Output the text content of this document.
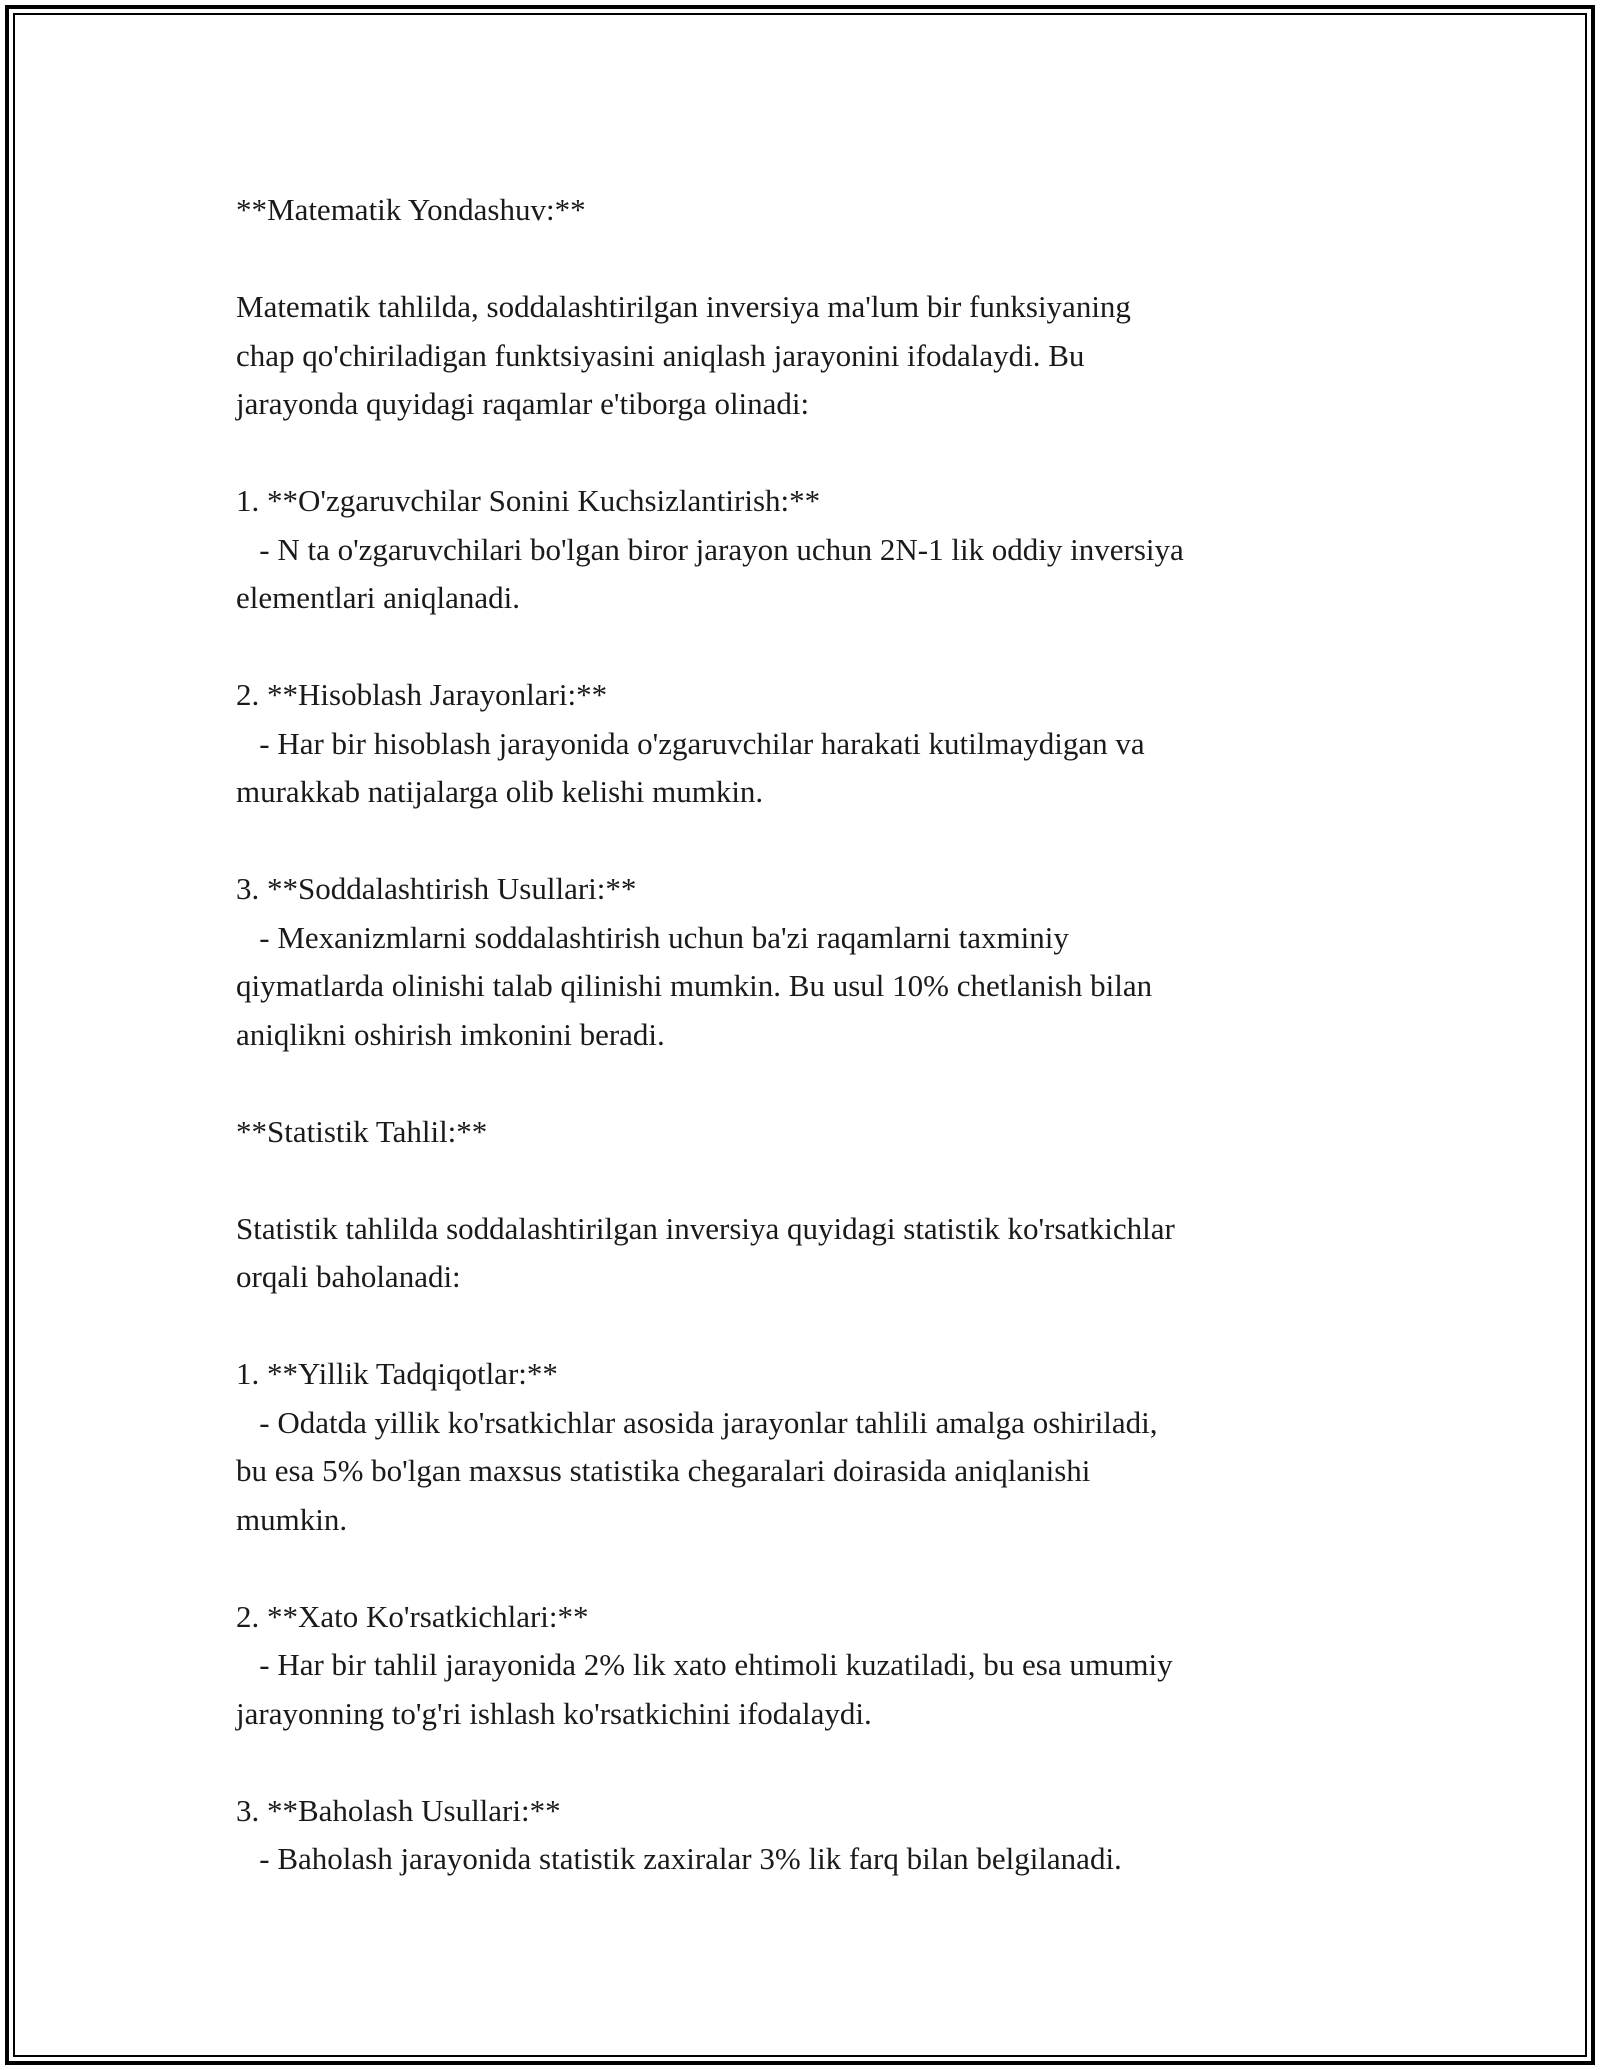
**Matematik Yondashuv:**

Matematik tahlilda, soddalashtirilgan inversiya ma'lum bir funksiyaning

chap qo'chiriladigan funktsiyasini aniqlash jarayonini ifodalaydi. Bu

jarayonda quyidagi raqamlar e'tiborga olinadi:

1. **O'zgaruvchilar Sonini Kuchsizlantirish:**

- N ta o'zgaruvchilari bo'lgan biror jarayon uchun 2N-1 lik oddiy inversiya

elementlari aniqlanadi.

2. **Hisoblash Jarayonlari:**

- Har bir hisoblash jarayonida o'zgaruvchilar harakati kutilmaydigan va

murakkab natijalarga olib kelishi mumkin.

3. **Soddalashtirish Usullari:**

- Mexanizmlarni soddalashtirish uchun ba'zi raqamlarni taxminiy

qiymatlarda olinishi talab qilinishi mumkin. Bu usul 10% chetlanish bilan

aniqlikni oshirish imkonini beradi.

**Statistik Tahlil:**

Statistik tahlilda soddalashtirilgan inversiya quyidagi statistik ko'rsatkichlar

orqali baholanadi:

1. **Yillik Tadqiqotlar:**

- Odatda yillik ko'rsatkichlar asosida jarayonlar tahlili amalga oshiriladi,

bu esa 5% bo'lgan maxsus statistika chegaralari doirasida aniqlanishi

mumkin.

2. **Xato Ko'rsatkichlari:**

- Har bir tahlil jarayonida 2% lik xato ehtimoli kuzatiladi, bu esa umumiy

jarayonning to'g'ri ishlash ko'rsatkichini ifodalaydi.

3. **Baholash Usullari:**

- Baholash jarayonida statistik zaxiralar 3% lik farq bilan belgilanadi.
